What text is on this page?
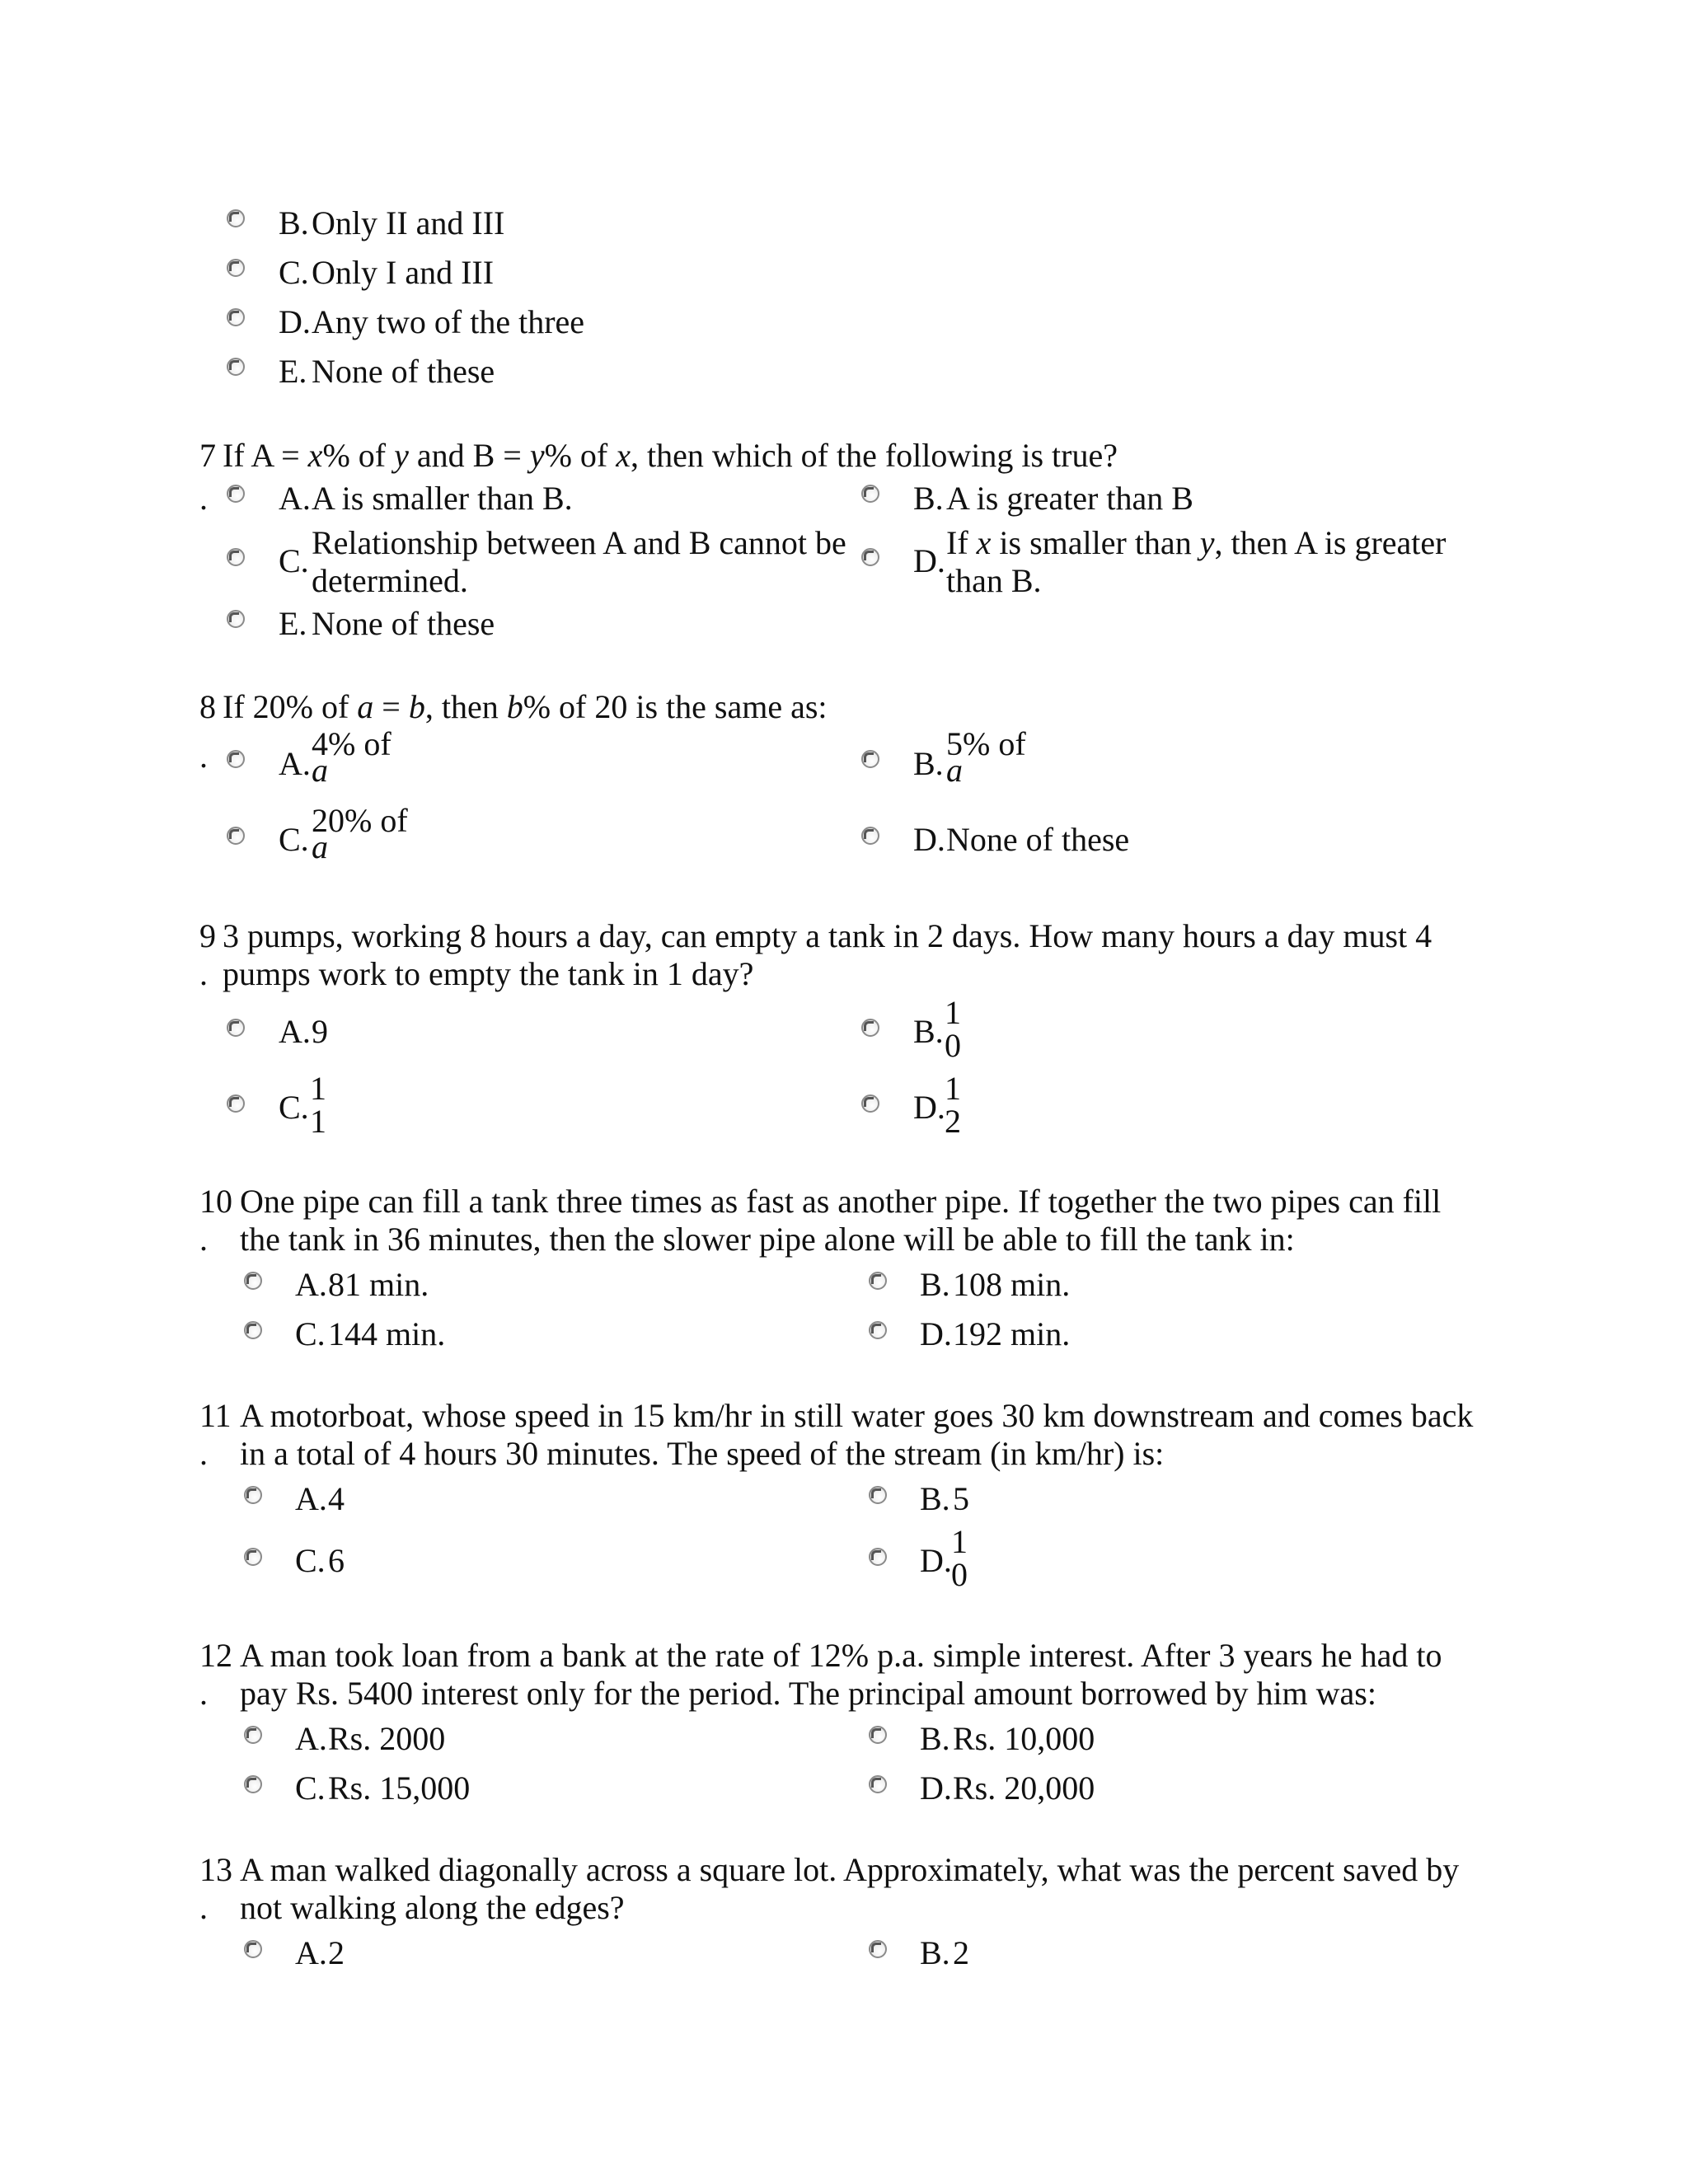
B. Only II and III
C. Only I and III
D. Any two of the three
E. None of these
7 If A = x% of y and B = y% of x, then which of the following is true?
. A. A is smaller than B.	B. A is greater than B
C. Relationship between A and B cannot be
determined.
D. If x is smaller than y, then A is greater
than B.
E. None of these
8 If 20% of a = b, then b% of 20 is the same as:
. A.
4% of
a	B.
5% of
a
C.
20% of
a	D. None of these
9 3 pumps, working 8 hours a day, can empty a tank in 2 days. How many hours a day must 4
. pumps work to empty the tank in 1 day?
A. 9	B.
1
0
C.
1
1	D.
1
2
10 One pipe can fill a tank three times as fast as another pipe. If together the two pipes can fill
. the tank in 36 minutes, then the slower pipe alone will be able to fill the tank in:
A. 81 min.	B. 108 min.
C. 144 min.	D. 192 min.
11 A motorboat, whose speed in 15 km/hr in still water goes 30 km downstream and comes back
. in a total of 4 hours 30 minutes. The speed of the stream (in km/hr) is:
A. 4	B. 5
C. 6	D.
1
0
12 A man took loan from a bank at the rate of 12% p.a. simple interest. After 3 years he had to
. pay Rs. 5400 interest only for the period. The principal amount borrowed by him was:
A. Rs. 2000	B. Rs. 10,000
C. Rs. 15,000	D. Rs. 20,000
13 A man walked diagonally across a square lot. Approximately, what was the percent saved by
. not walking along the edges?
A. 2	B. 2
